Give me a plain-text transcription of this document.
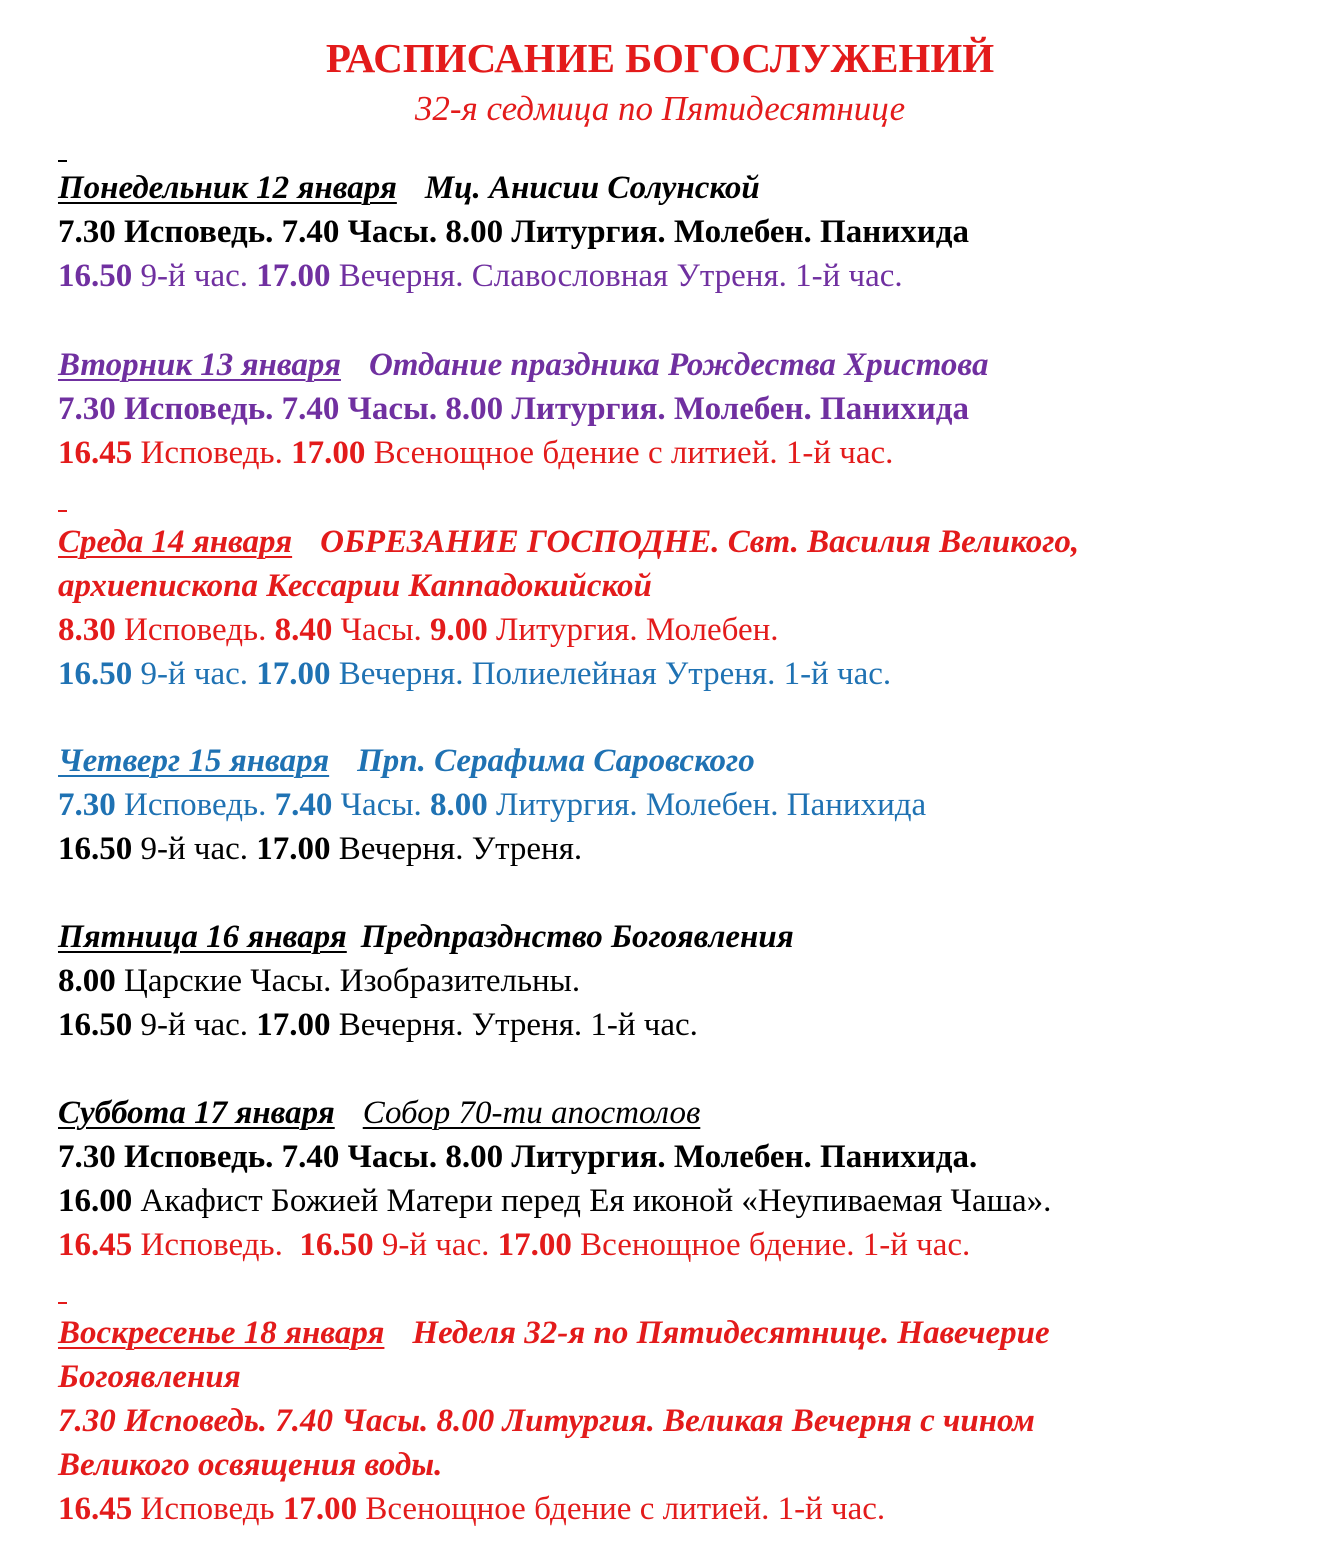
РАСПИСАНИЕ БОГОСЛУЖЕНИЙ
32-я седмица по Пятидесятнице
Понедельник 12 января Мц. Анисии Солунской
7.30 Исповедь. 7.40 Часы. 8.00 Литургия. Молебен. Панихида
16.50 9-й час. 17.00 Вечерня. Славословная Утреня. 1-й час.
Вторник 13 января Отдание праздника Рождества Христова
7.30 Исповедь. 7.40 Часы. 8.00 Литургия. Молебен. Панихида
16.45 Исповедь. 17.00 Всенощное бдение с литией. 1-й час.
Среда 14 января ОБРЕЗАНИЕ ГОСПОДНЕ. Свт. Василия Великого,
архиепископа Кессарии Каппадокийской
8.30 Исповедь. 8.40 Часы. 9.00 Литургия. Молебен.
16.50 9-й час. 17.00 Вечерня. Полиелейная Утреня. 1-й час.
Четверг 15 января Прп. Серафима Саровского
7.30 Исповедь. 7.40 Часы. 8.00 Литургия. Молебен. Панихида
16.50 9-й час. 17.00 Вечерня. Утреня.
Пятница 16 января Предпразднство Богоявления
8.00 Царские Часы. Изобразительны.
16.50 9-й час. 17.00 Вечерня. Утреня. 1-й час.
Суббота 17 января Собор 70-ти апостолов
7.30 Исповедь. 7.40 Часы. 8.00 Литургия. Молебен. Панихида.
16.00 Акафист Божией Матери перед Ея иконой «Неупиваемая Чаша».
16.45 Исповедь.  16.50 9-й час. 17.00 Всенощное бдение. 1-й час.
Воскресенье 18 января Неделя 32-я по Пятидесятнице. Навечерие
Богоявления
7.30 Исповедь. 7.40 Часы. 8.00 Литургия. Великая Вечерня с чином
Великого освящения воды.
16.45 Исповедь 17.00 Всенощное бдение с литией. 1-й час.
